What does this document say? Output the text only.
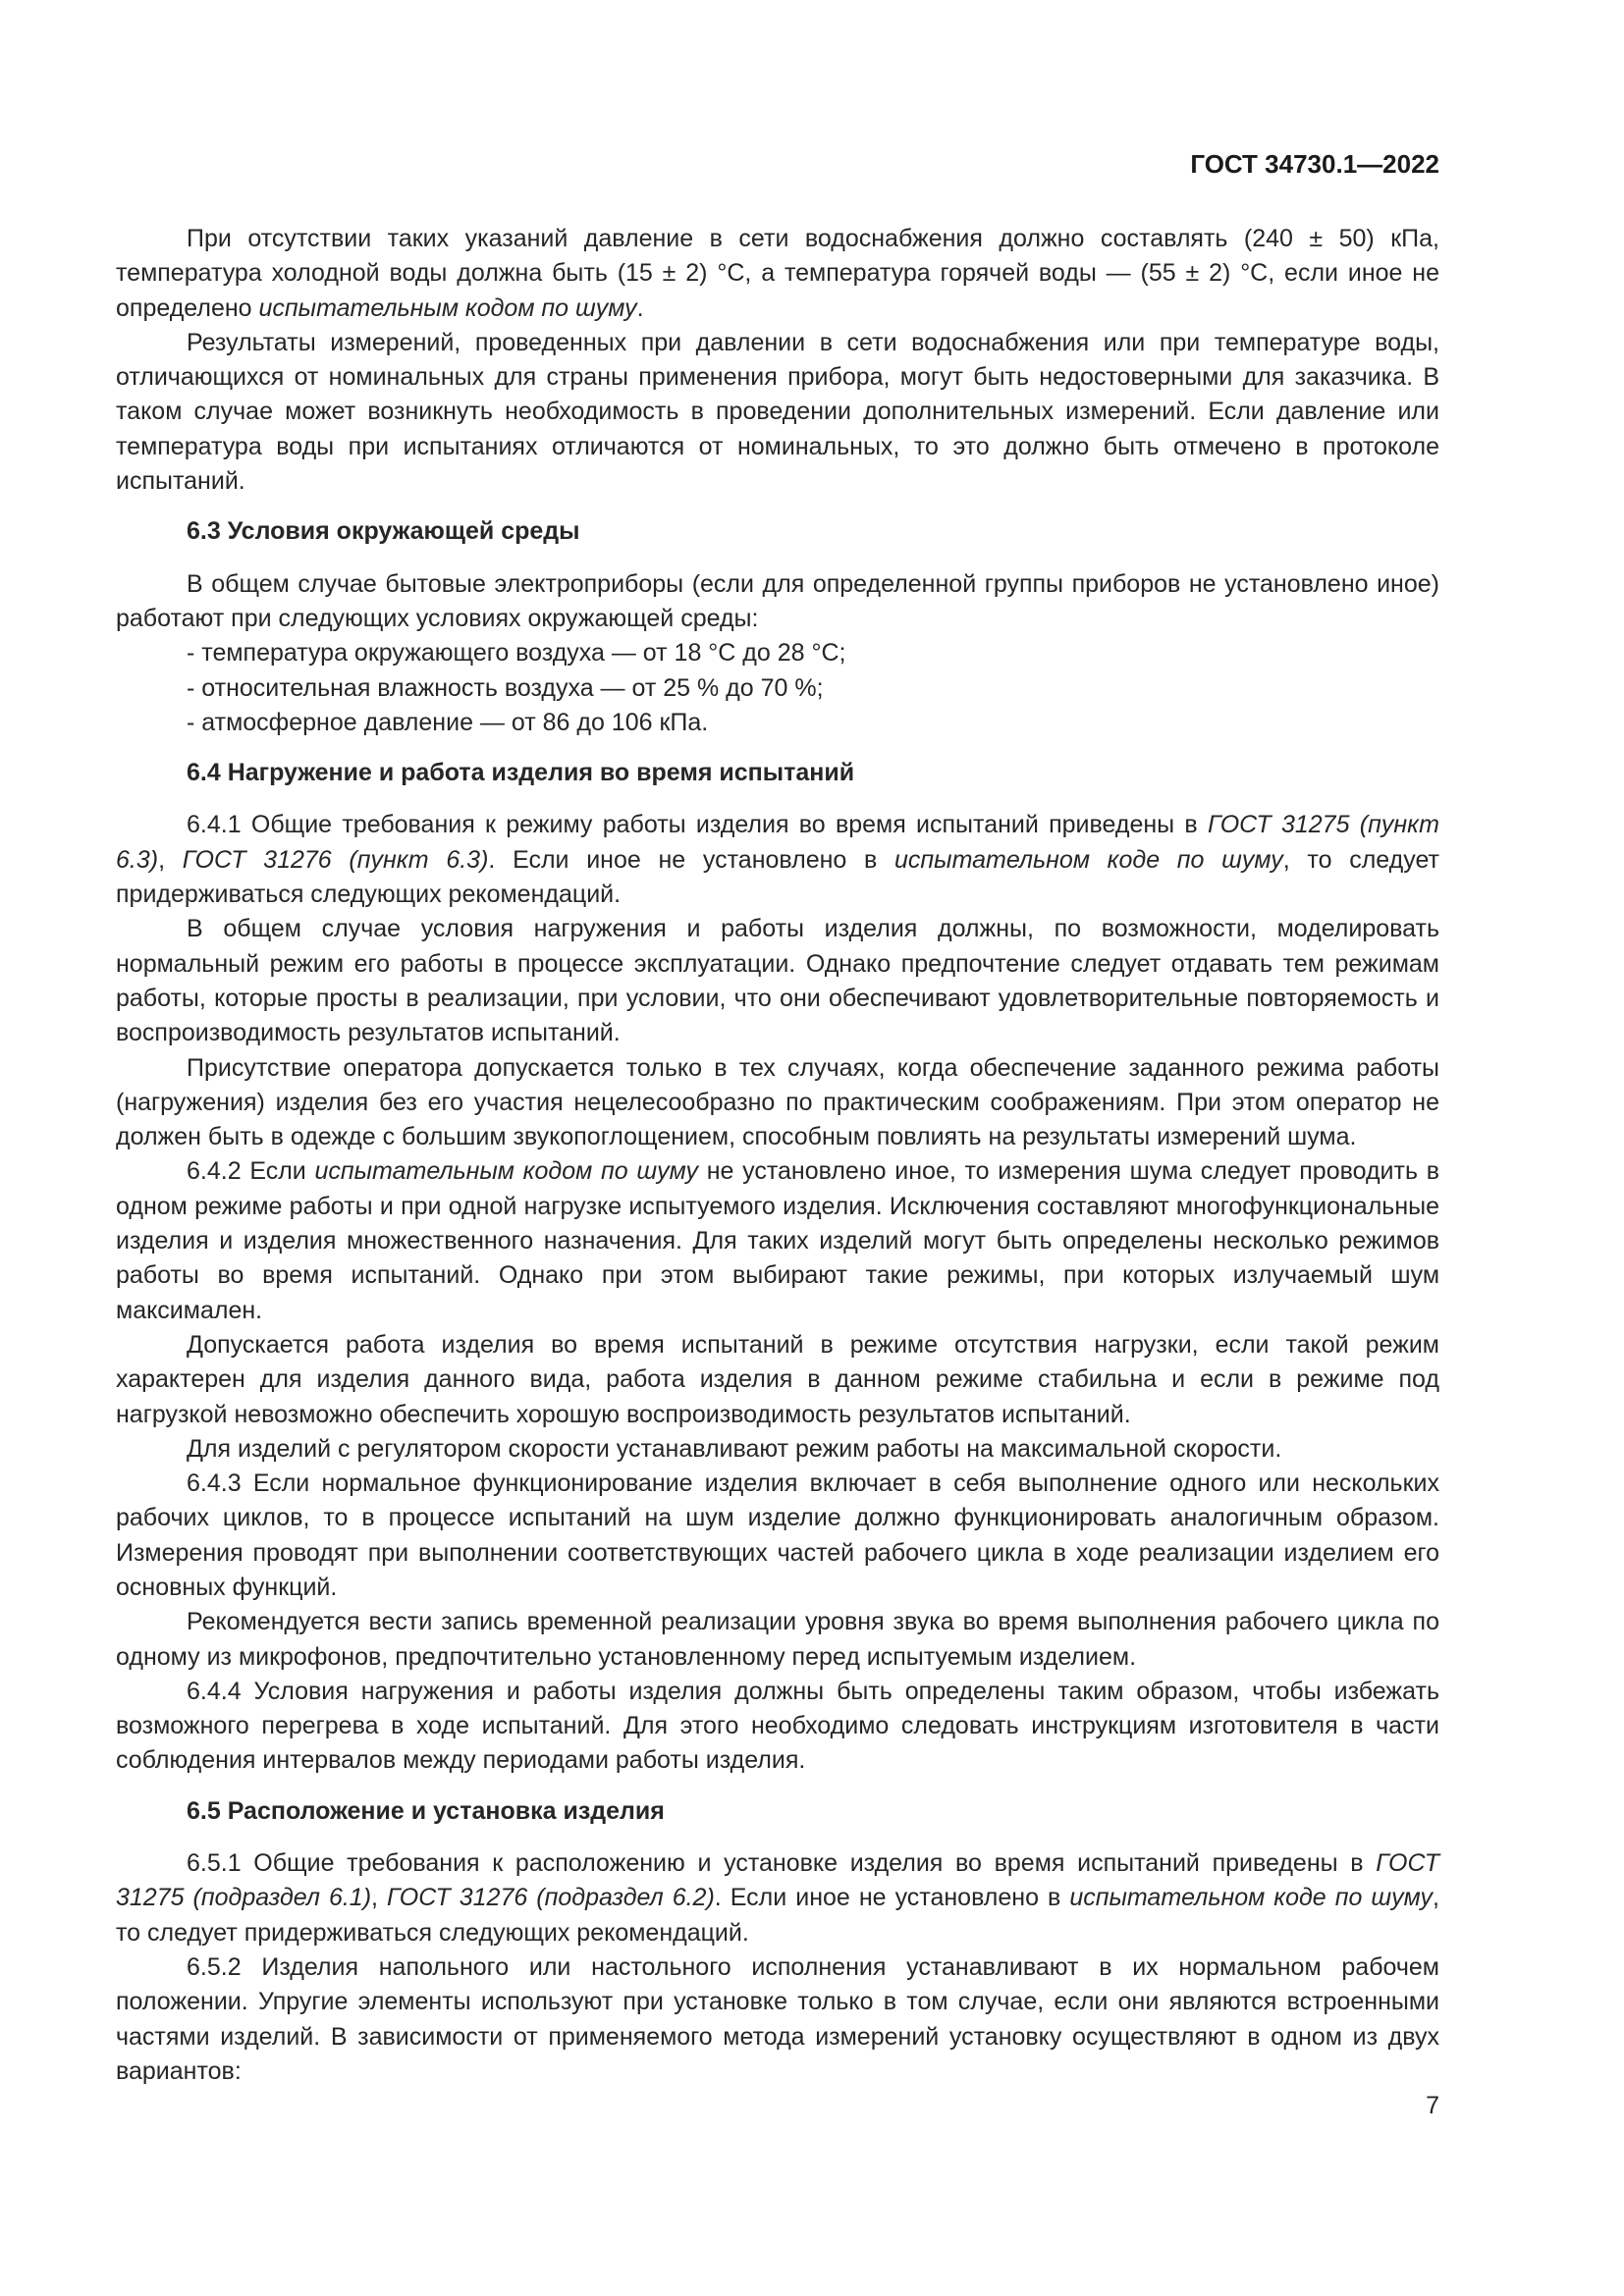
ГОСТ 34730.1—2022

При отсутствии таких указаний давление в сети водоснабжения должно составлять (240 ± 50) кПа, температура холодной воды должна быть (15 ± 2) °С, а температура горячей воды — (55 ± 2) °С, если иное не определено испытательным кодом по шуму.

Результаты измерений, проведенных при давлении в сети водоснабжения или при температуре воды, отличающихся от номинальных для страны применения прибора, могут быть недостоверными для заказчика. В таком случае может возникнуть необходимость в проведении дополнительных измерений. Если давление или температура воды при испытаниях отличаются от номинальных, то это должно быть отмечено в протоколе испытаний.

6.3 Условия окружающей среды

В общем случае бытовые электроприборы (если для определенной группы приборов не установлено иное) работают при следующих условиях окружающей среды:

- температура окружающего воздуха — от 18 °С до 28 °С;
- относительная влажность воздуха — от 25 % до 70 %;
- атмосферное давление — от 86 до 106 кПа.
6.4 Нагружение и работа изделия во время испытаний

6.4.1 Общие требования к режиму работы изделия во время испытаний приведены в ГОСТ 31275 (пункт 6.3), ГОСТ 31276 (пункт 6.3). Если иное не установлено в испытательном коде по шуму, то следует придерживаться следующих рекомендаций.

В общем случае условия нагружения и работы изделия должны, по возможности, моделировать нормальный режим его работы в процессе эксплуатации. Однако предпочтение следует отдавать тем режимам работы, которые просты в реализации, при условии, что они обеспечивают удовлетворительные повторяемость и воспроизводимость результатов испытаний.

Присутствие оператора допускается только в тех случаях, когда обеспечение заданного режима работы (нагружения) изделия без его участия нецелесообразно по практическим соображениям. При этом оператор не должен быть в одежде с большим звукопоглощением, способным повлиять на результаты измерений шума.

6.4.2 Если испытательным кодом по шуму не установлено иное, то измерения шума следует проводить в одном режиме работы и при одной нагрузке испытуемого изделия. Исключения составляют многофункциональные изделия и изделия множественного назначения. Для таких изделий могут быть определены несколько режимов работы во время испытаний. Однако при этом выбирают такие режимы, при которых излучаемый шум максимален.

Допускается работа изделия во время испытаний в режиме отсутствия нагрузки, если такой режим характерен для изделия данного вида, работа изделия в данном режиме стабильна и если в режиме под нагрузкой невозможно обеспечить хорошую воспроизводимость результатов испытаний.

Для изделий с регулятором скорости устанавливают режим работы на максимальной скорости.

6.4.3 Если нормальное функционирование изделия включает в себя выполнение одного или нескольких рабочих циклов, то в процессе испытаний на шум изделие должно функционировать аналогичным образом. Измерения проводят при выполнении соответствующих частей рабочего цикла в ходе реализации изделием его основных функций.

Рекомендуется вести запись временной реализации уровня звука во время выполнения рабочего цикла по одному из микрофонов, предпочтительно установленному перед испытуемым изделием.

6.4.4 Условия нагружения и работы изделия должны быть определены таким образом, чтобы избежать возможного перегрева в ходе испытаний. Для этого необходимо следовать инструкциям изготовителя в части соблюдения интервалов между периодами работы изделия.

6.5 Расположение и установка изделия

6.5.1 Общие требования к расположению и установке изделия во время испытаний приведены в ГОСТ 31275 (подраздел 6.1), ГОСТ 31276 (подраздел 6.2). Если иное не установлено в испытательном коде по шуму, то следует придерживаться следующих рекомендаций.

6.5.2 Изделия напольного или настольного исполнения устанавливают в их нормальном рабочем положении. Упругие элементы используют при установке только в том случае, если они являются встроенными частями изделий. В зависимости от применяемого метода измерений установку осуществляют в одном из двух вариантов:

7
